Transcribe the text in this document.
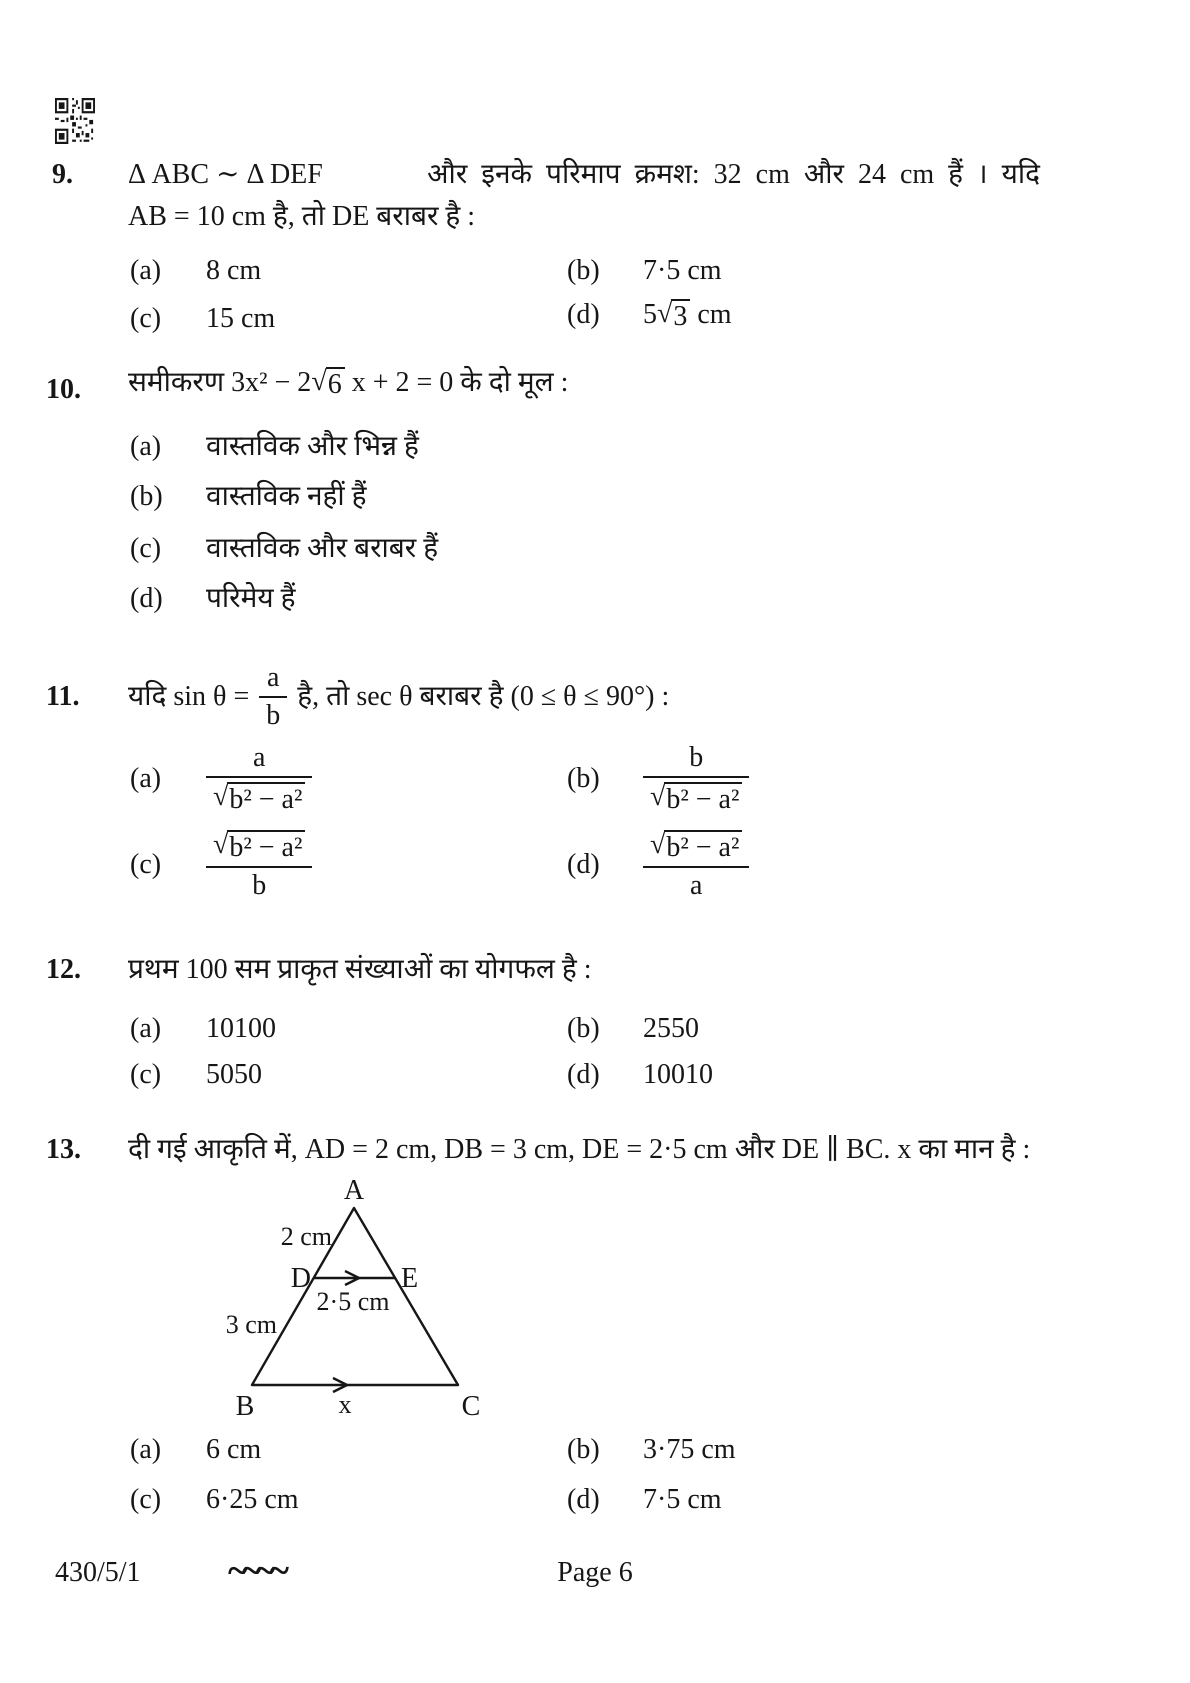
9. Δ ABC ∼ Δ DEF	और इनके परिमाप क्रमश: 32 cm और 24 cm हैं । यदि
AB = 10 cm है, तो DE बराबर है :
(a)	8 cm	(b)	7·5 cm
(c)	15 cm	(d)	5 √ 3 cm
10. समीकरण 3x² − 2 √ 6 x + 2 = 0 के दो मूल :
(a)	वास्तविक और भिन्न हैं
(b)	वास्तविक नहीं हैं
(c)	वास्तविक और बराबर हैं
(d)	परिमेय हैं
11. यदि $\sin \theta = \frac{a}{b}$ है, तो sec θ बराबर है (0 ≤ θ ≤ 90°) :
(a)	$\frac{a}{\text{√ b² − a²}}$	(b)	$\frac{b}{\text{√ b² − a²}}$
(c)	$\frac{\text{√ b² − a²}}{b}$	(d)	$\frac{\text{√ b² − a²}}{a}$
12. प्रथम 100 सम प्राकृत संख्याओं का योगफल है :
(a)	10100	(b)	2550
(c)	5050	(d)	10010
13. दी गई आकृति में, AD = 2 cm, DB = 3 cm, DE = 2·5 cm और DE ∥ BC. x का मान है :
A
B	C
D	E
2 cm
3 cm
2·5 cm
x
(a)	6 cm	(b)	3·75 cm
(c)	6·25 cm	(d)	7·5 cm
430/5/1 ~~~~	Page 6
